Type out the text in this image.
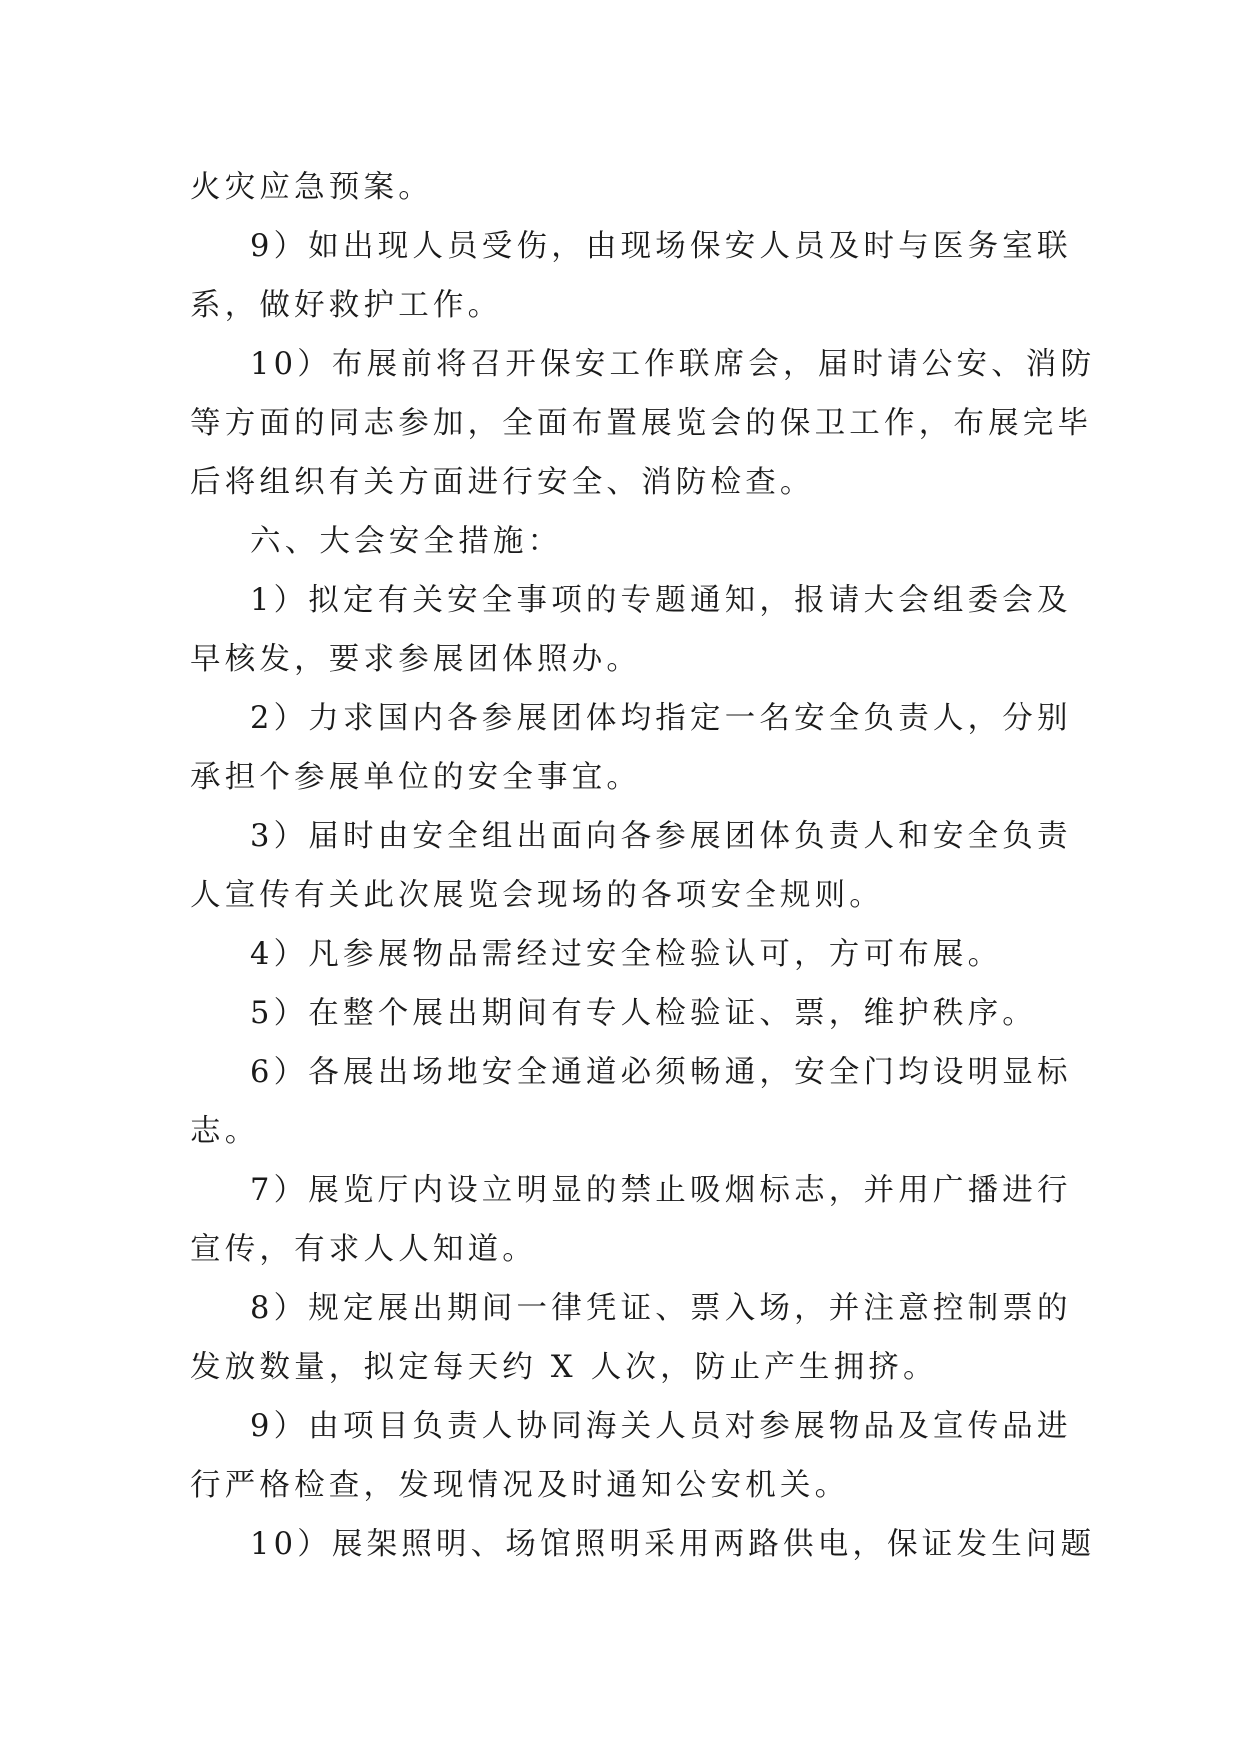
火灾应急预案。
9）如出现人员受伤，由现场保安人员及时与医务室联
系，做好救护工作。
10）布展前将召开保安工作联席会，届时请公安、消防
等方面的同志参加，全面布置展览会的保卫工作，布展完毕
后将组织有关方面进行安全、消防检查。
六、大会安全措施：
1）拟定有关安全事项的专题通知，报请大会组委会及
早核发，要求参展团体照办。
2）力求国内各参展团体均指定一名安全负责人，分别
承担个参展单位的安全事宜。
3）届时由安全组出面向各参展团体负责人和安全负责
人宣传有关此次展览会现场的各项安全规则。
4）凡参展物品需经过安全检验认可，方可布展。
5）在整个展出期间有专人检验证、票，维护秩序。
6）各展出场地安全通道必须畅通，安全门均设明显标
志。
7）展览厅内设立明显的禁止吸烟标志，并用广播进行
宣传，有求人人知道。
8）规定展出期间一律凭证、票入场，并注意控制票的
发放数量，拟定每天约 X 人次，防止产生拥挤。
9）由项目负责人协同海关人员对参展物品及宣传品进
行严格检查，发现情况及时通知公安机关。
10）展架照明、场馆照明采用两路供电，保证发生问题
